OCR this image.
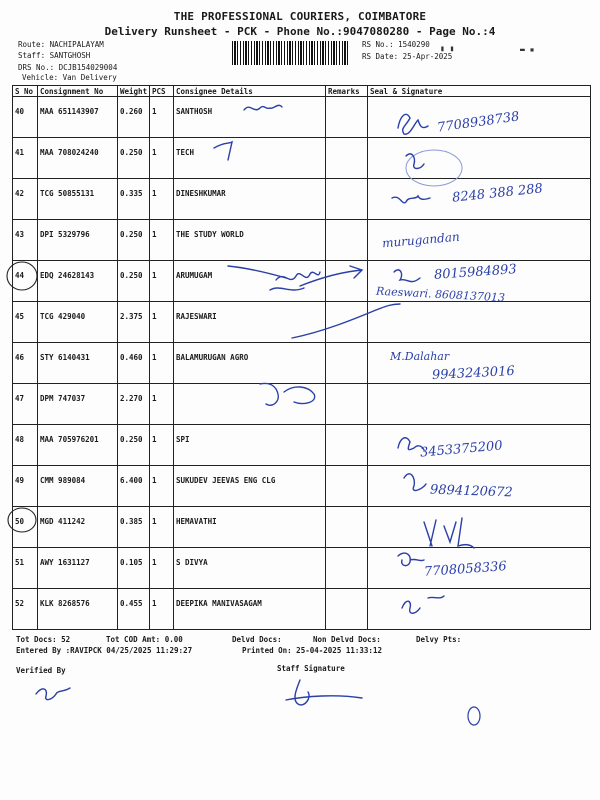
THE PROFESSIONAL COURIERS, COIMBATORE
Delivery Runsheet - PCK - Phone No.:9047080280 - Page No.:4
Route: NACHIPALAYAM
Staff: SANTGHOSH
DRS No.: DCJB154029004
Vehicle: Van Delivery
▮ ▮	▬ ▪
RS No.: 1540290
RS Date: 25-Apr-2025
S No	Consignment No	Weight	PCS	Consignee Details	Remarks	Seal & Signature
40	MAA 651143907	0.260	1	SANTHOSH		
41	MAA 708024240	0.250	1	TECH		
42	TCG 50855131	0.335	1	DINESHKUMAR		
43	DPI 5329796	0.250	1	THE STUDY WORLD		
44	EDQ 24628143	0.250	1	ARUMUGAM		
45	TCG 429040	2.375	1	RAJESWARI		
46	STY 6140431	0.460	1	BALAMURUGAN AGRO		
47	DPM 747037	2.270	1			
48	MAA 705976201	0.250	1	SPI		
49	CMM 989084	6.400	1	SUKUDEV JEEVAS ENG CLG		
50	MGD 411242	0.385	1	HEMAVATHI		
51	AWY 1631127	0.105	1	S DIVYA		
52	KLK 8268576	0.455	1	DEEPIKA MANIVASAGAM		
Tot Docs: 52	Tot COD Amt: 0.00	Delvd Docs:	Non Delvd Docs:	Delvy Pts:
Entered By :RAVIPCK 04/25/2025 11:29:27	Printed On: 25-04-2025 11:33:12
Verified By	Staff Signature
7708938738
8248 388 288
murugandan
8015984893
Raeswari. 8608137013
M.Dalahar
9943243016
3453375200
9894120672
7708058336
